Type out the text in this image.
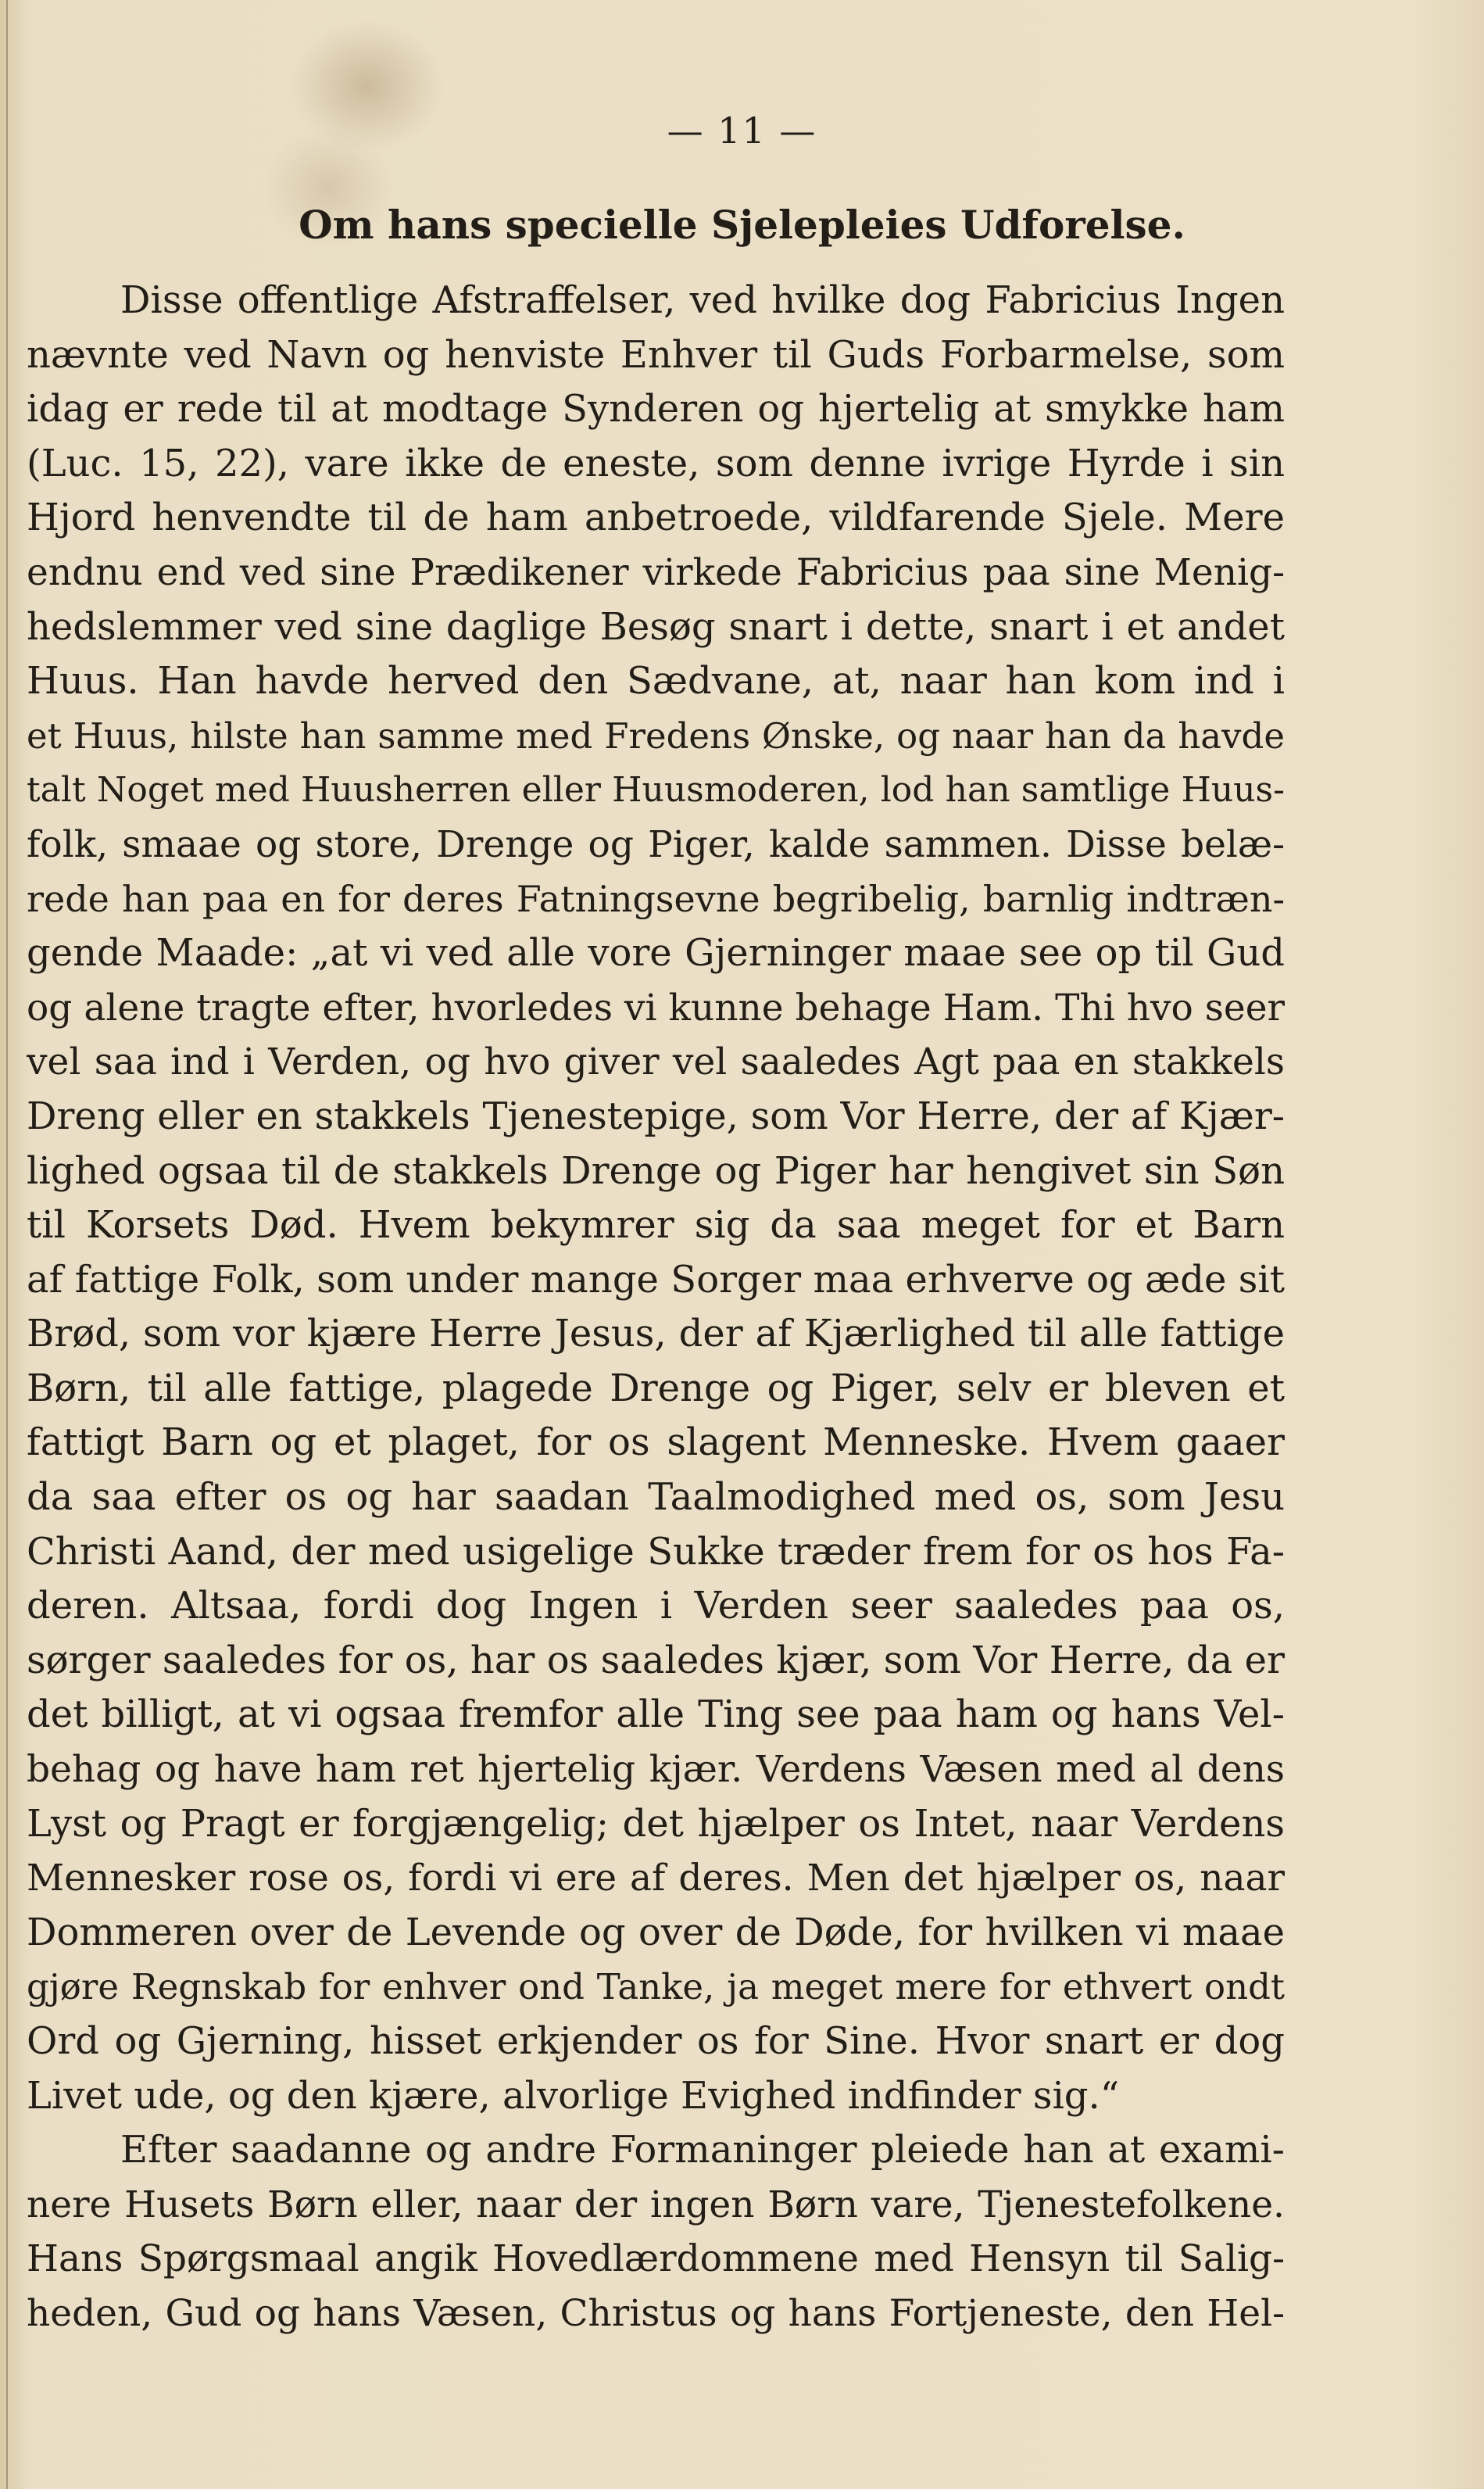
— 11 —
Om hans specielle Sjelepleies Udforelse.
Disse offentlige Afstraffelser, ved hvilke dog Fabricius Ingen
nævnte ved Navn og henviste Enhver til Guds Forbarmelse, som
idag er rede til at modtage Synderen og hjertelig at smykke ham
(Luc. 15, 22), vare ikke de eneste, som denne ivrige Hyrde i sin
Hjord henvendte til de ham anbetroede, vildfarende Sjele. Mere
endnu end ved sine Prædikener virkede Fabricius paa sine Menig-
hedslemmer ved sine daglige Besøg snart i dette, snart i et andet
Huus. Han havde herved den Sædvane, at, naar han kom ind i
et Huus, hilste han samme med Fredens Ønske, og naar han da havde
talt Noget med Huusherren eller Huusmoderen, lod han samtlige Huus-
folk, smaae og store, Drenge og Piger, kalde sammen. Disse belæ-
rede han paa en for deres Fatningsevne begribelig, barnlig indtræn-
gende Maade: „at vi ved alle vore Gjerninger maae see op til Gud
og alene tragte efter, hvorledes vi kunne behage Ham. Thi hvo seer
vel saa ind i Verden, og hvo giver vel saaledes Agt paa en stakkels
Dreng eller en stakkels Tjenestepige, som Vor Herre, der af Kjær-
lighed ogsaa til de stakkels Drenge og Piger har hengivet sin Søn
til Korsets Død. Hvem bekymrer sig da saa meget for et Barn
af fattige Folk, som under mange Sorger maa erhverve og æde sit
Brød, som vor kjære Herre Jesus, der af Kjærlighed til alle fattige
Børn, til alle fattige, plagede Drenge og Piger, selv er bleven et
fattigt Barn og et plaget, for os slagent Menneske. Hvem gaaer
da saa efter os og har saadan Taalmodighed med os, som Jesu
Christi Aand, der med usigelige Sukke træder frem for os hos Fa-
deren. Altsaa, fordi dog Ingen i Verden seer saaledes paa os,
sørger saaledes for os, har os saaledes kjær, som Vor Herre, da er
det billigt, at vi ogsaa fremfor alle Ting see paa ham og hans Vel-
behag og have ham ret hjertelig kjær. Verdens Væsen med al dens
Lyst og Pragt er forgjængelig; det hjælper os Intet, naar Verdens
Mennesker rose os, fordi vi ere af deres. Men det hjælper os, naar
Dommeren over de Levende og over de Døde, for hvilken vi maae
gjøre Regnskab for enhver ond Tanke, ja meget mere for ethvert ondt
Ord og Gjerning, hisset erkjender os for Sine. Hvor snart er dog
Livet ude, og den kjære, alvorlige Evighed indfinder sig.“
Efter saadanne og andre Formaninger pleiede han at exami-
nere Husets Børn eller, naar der ingen Børn vare, Tjenestefolkene.
Hans Spørgsmaal angik Hovedlærdommene med Hensyn til Salig-
heden, Gud og hans Væsen, Christus og hans Fortjeneste, den Hel-
